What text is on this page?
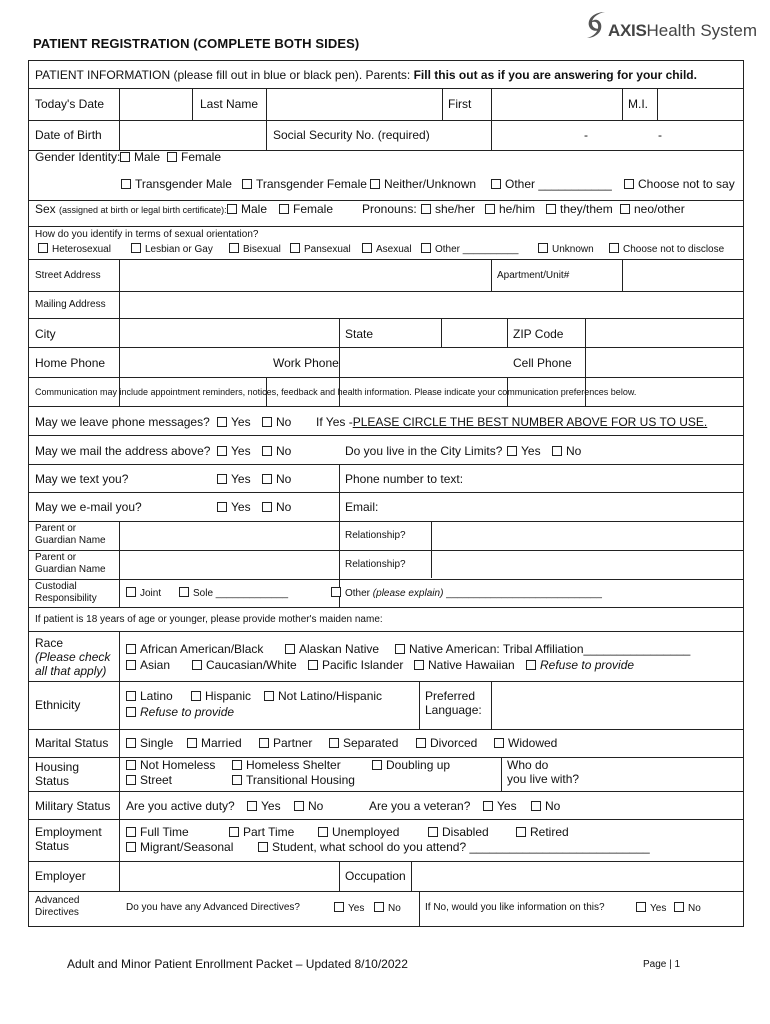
PATIENT REGISTRATION (COMPLETE BOTH SIDES)
AXISHealth System
PATIENT INFORMATION (please fill out in blue or black pen). Parents: Fill this out as if you are answering for your child.
Today's Date	Last Name	First	M.I.
Date of Birth	Social Security No. (required)	-	-
Gender Identity:	Male	Female
Transgender Male	Transgender Female	Neither/Unknown	Other ___________	Choose not to say
Sex (assigned at birth or legal birth certificate):	Male	Female Pronouns:	she/her	he/him	they/them	neo/other
How do you identify in terms of sexual orientation?
Heterosexual	Lesbian or Gay	Bisexual	Pansexual	Asexual	Other __________	Unknown	Choose not to disclose
Street Address	Apartment/Unit#
Mailing Address
City	State	ZIP Code
Home Phone	Work Phone	Cell Phone
Communication may include appointment reminders, notices, feedback and health information. Please indicate your communication preferences below.
May we leave phone messages?	Yes	No If Yes -PLEASE CIRCLE THE BEST NUMBER ABOVE FOR US TO USE.
May we mail the address above?	Yes	No	Do you live in the City Limits?	Yes	No
May we text you?	Yes	No	Phone number to text:
May we e-mail you?	Yes	No	Email:
Parent or
Guardian Name	Relationship?
Parent or
Guardian Name	Relationship?
Custodial
Responsibility	Joint	Sole _____________	Other (please explain) ____________________________
If patient is 18 years of age or younger, please provide mother's maiden name:
Race
(Please check
all that apply)
African American/Black	Alaskan Native	Native American: Tribal Affiliation________________
Asian	Caucasian/White	Pacific Islander	Native Hawaiian	Refuse to provide
Ethnicity
Latino	Hispanic	Not Latino/Hispanic
Refuse to provide
Preferred
Language:
Marital Status	Single	Married	Partner	Separated	Divorced	Widowed
Housing
Status
Not Homeless	Homeless Shelter	Doubling up
Street	Transitional Housing
Who do
you live with?
Military Status Are you active duty?	Yes	No	Are you a veteran?	Yes	No
Employment
Status
Full Time	Part Time	Unemployed	Disabled	Retired
Migrant/Seasonal	Student, what school do you attend? ___________________________
Employer	Occupation
Advanced
Directives	Do you have any Advanced Directives?	Yes	No If No, would you like information on this?	Yes	No
Adult and Minor Patient Enrollment Packet – Updated 8/10/2022	Page | 1
